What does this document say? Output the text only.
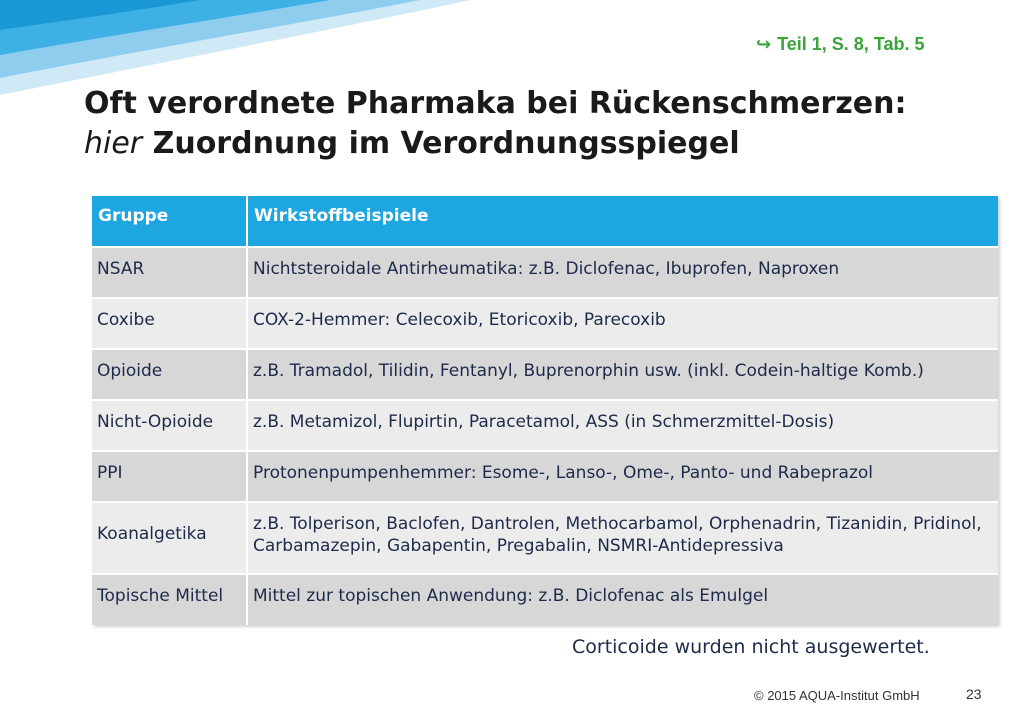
↪ Teil 1, S. 8, Tab. 5
Oft verordnete Pharmaka bei Rückenschmerzen:
hier Zuordnung im Verordnungsspiegel
Gruppe	Wirkstoffbeispiele
NSAR	Nichtsteroidale Antirheumatika: z.B. Diclofenac, Ibuprofen, Naproxen
Coxibe	COX-2-Hemmer: Celecoxib, Etoricoxib, Parecoxib
Opioide	z.B. Tramadol, Tilidin, Fentanyl, Buprenorphin usw. (inkl. Codein-haltige Komb.)
Nicht-Opioide	z.B. Metamizol, Flupirtin, Paracetamol, ASS (in Schmerzmittel-Dosis)
PPI	Protonenpumpenhemmer: Esome-, Lanso-, Ome-, Panto- und Rabeprazol
Koanalgetika	z.B. Tolperison, Baclofen, Dantrolen, Methocarbamol, Orphenadrin, Tizanidin, Pridinol, Carbamazepin, Gabapentin, Pregabalin, NSMRI-Antidepressiva
Topische Mittel	Mittel zur topischen Anwendung: z.B. Diclofenac als Emulgel
Corticoide wurden nicht ausgewertet.
© 2015 AQUA-Institut GmbH	23
